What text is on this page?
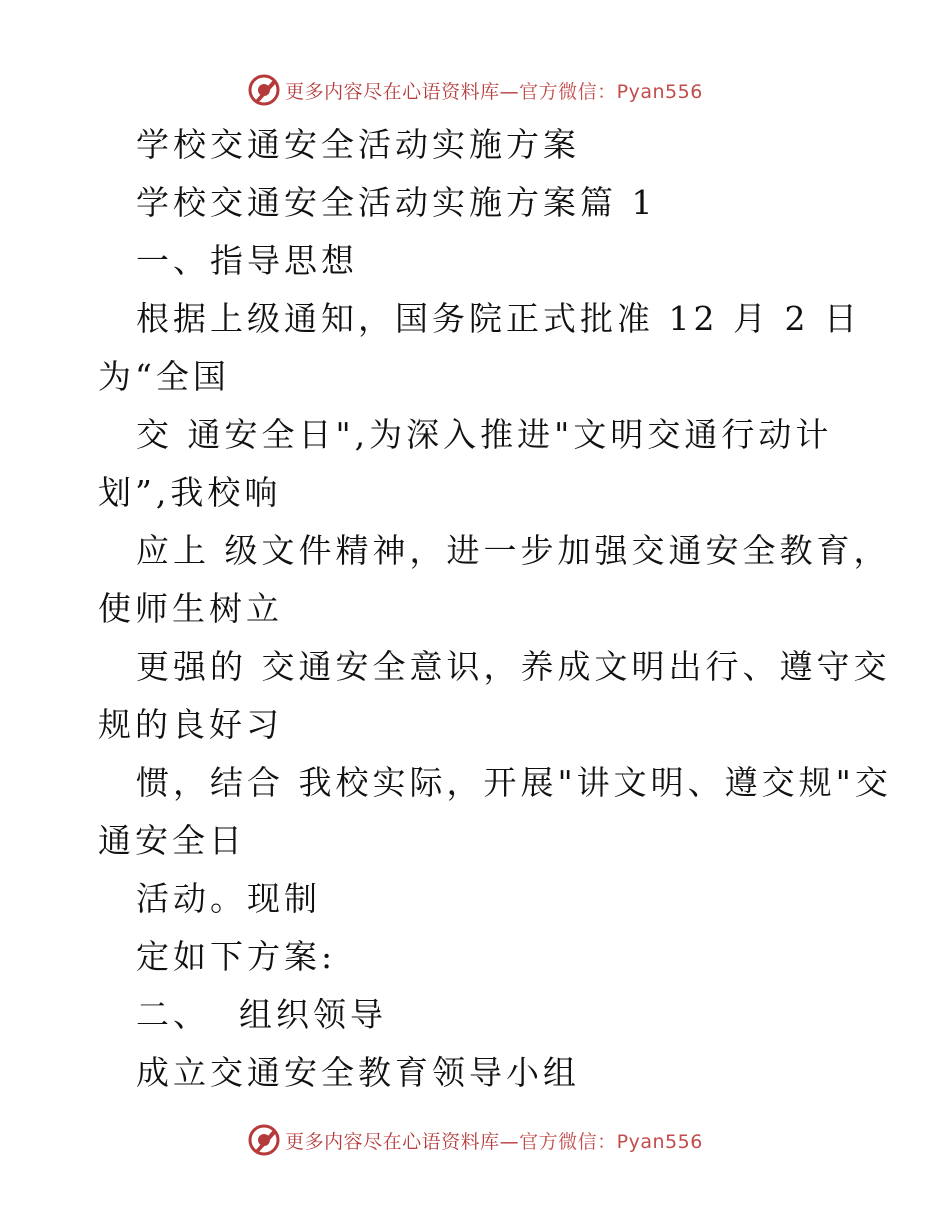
更多内容尽在心语资料库—官方微信：Pyan556
学校交通安全活动实施方案
学校交通安全活动实施方案篇 1
一、指导思想
根据上级通知，国务院正式批准 12 月 2 日
为“全国
交 通安全日",为深入推进"文明交通行动计
划”,我校响
应上 级文件精神，进一步加强交通安全教育，
使师生树立
更强的 交通安全意识，养成文明出行、遵守交
规的良好习
惯，结合 我校实际，开展"讲文明、遵交规"交
通安全日
活动。现制
定如下方案:
二、  组织领导
成立交通安全教育领导小组
更多内容尽在心语资料库—官方微信：Pyan556
